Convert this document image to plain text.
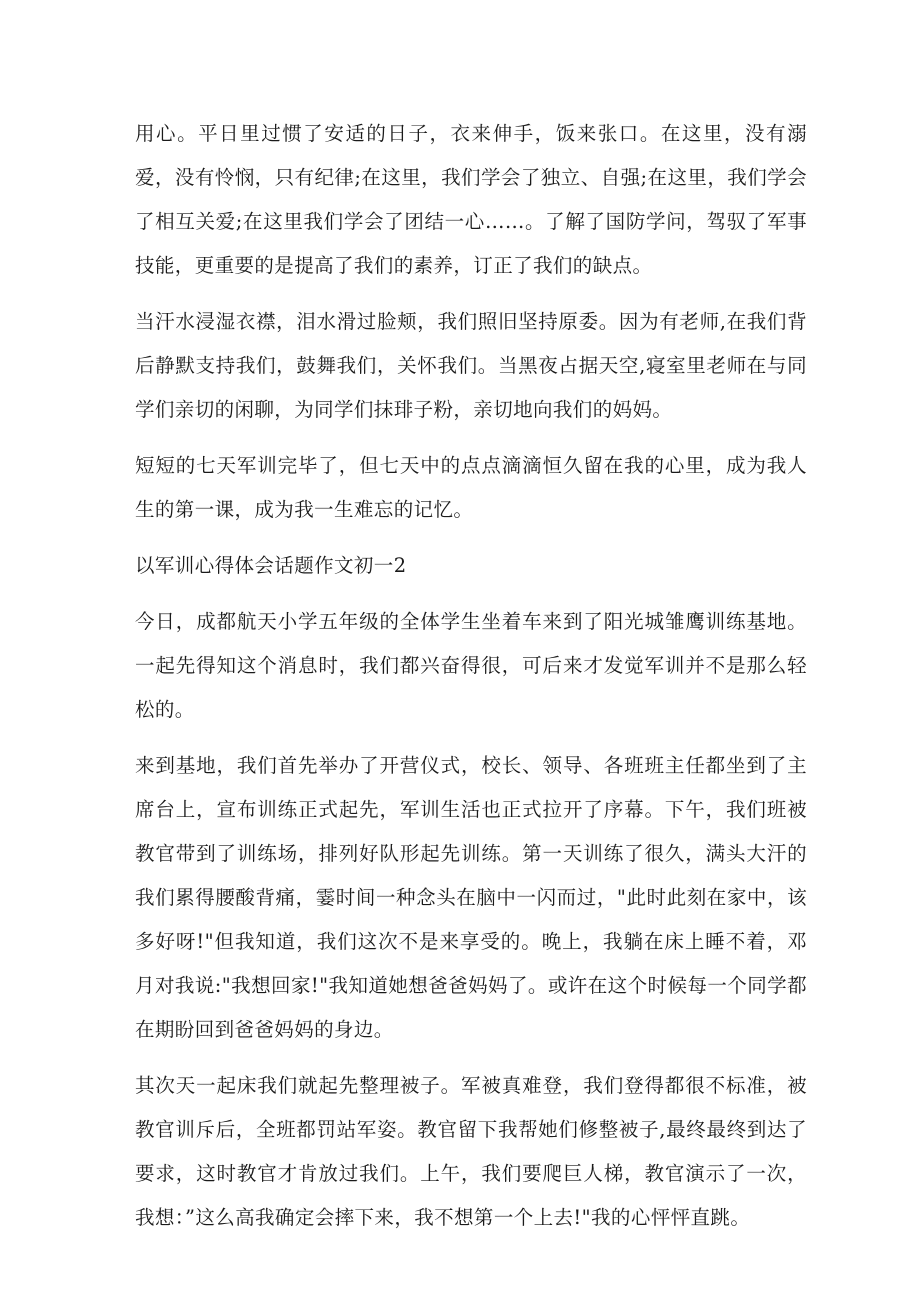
用心。平日里过惯了安适的日子，衣来伸手，饭来张口。在这里，没有溺爱，没有怜悯，只有纪律;在这里，我们学会了独立、自强;在这里，我们学会了相互关爱;在这里我们学会了团结一心……。了解了国防学问，驾驭了军事技能，更重要的是提高了我们的素养，订正了我们的缺点。

当汗水浸湿衣襟，泪水滑过脸颊，我们照旧坚持原委。因为有老师,在我们背后静默支持我们，鼓舞我们，关怀我们。当黑夜占据天空,寝室里老师在与同学们亲切的闲聊，为同学们抹琲子粉，亲切地向我们的妈妈。

短短的七天军训完毕了，但七天中的点点滴滴恒久留在我的心里，成为我人生的第一课，成为我一生难忘的记忆。

以军训心得体会话题作文初一2

今日，成都航天小学五年级的全体学生坐着车来到了阳光城雏鹰训练基地。一起先得知这个消息时，我们都兴奋得很，可后来才发觉军训并不是那么轻松的。

来到基地，我们首先举办了开营仪式，校长、领导、各班班主任都坐到了主席台上，宣布训练正式起先，军训生活也正式拉开了序幕。下午，我们班被教官带到了训练场，排列好队形起先训练。第一天训练了很久，满头大汗的我们累得腰酸背痛，霎时间一种念头在脑中一闪而过，"此时此刻在家中，该多好呀!"但我知道，我们这次不是来享受的。晚上，我躺在床上睡不着，邓月对我说:"我想回家!"我知道她想爸爸妈妈了。或许在这个时候每一个同学都在期盼回到爸爸妈妈的身边。

其次天一起床我们就起先整理被子。军被真难登，我们登得都很不标准，被教官训斥后，全班都罚站军姿。教官留下我帮她们修整被子,最终最终到达了要求，这时教官才肯放过我们。上午，我们要爬巨人梯，教官演示了一次，我想：”这么高我确定会摔下来，我不想第一个上去!"我的心怦怦直跳。
